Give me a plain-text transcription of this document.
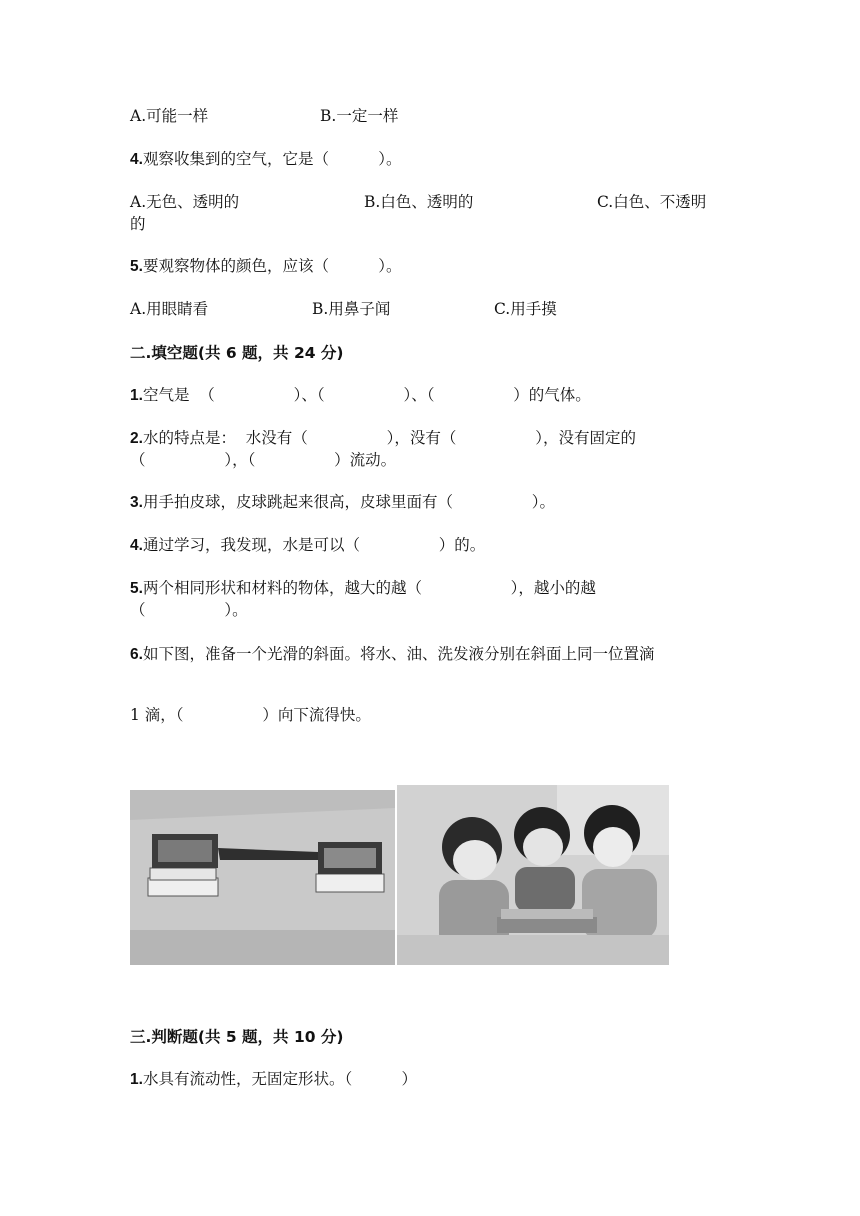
A.可能一样	B.一定一样
4.观察收集到的空气，它是（          ）。
A.无色、透明的	B.白色、透明的	C.白色、不透明
的
5.要观察物体的颜色，应该（          ）。
A.用眼睛看	B.用鼻子闻	C.用手摸
二.填空题(共 6 题，共 24 分)
1.空气是  （                ）、（                ）、（                ）的气体。
2.水的特点是：  水没有（                ），没有（                ），没有固定的
（                ），（                ）流动。
3.用手拍皮球，皮球跳起来很高，皮球里面有（                ）。
4.通过学习，我发现，水是可以（                ）的。
5.两个相同形状和材料的物体，越大的越（                  ），越小的越
（                ）。
6.如下图，准备一个光滑的斜面。将水、油、洗发液分别在斜面上同一位置滴
1 滴，（                ）向下流得快。
三.判断题(共 5 题，共 10 分)
1.水具有流动性，无固定形状。（          ）
